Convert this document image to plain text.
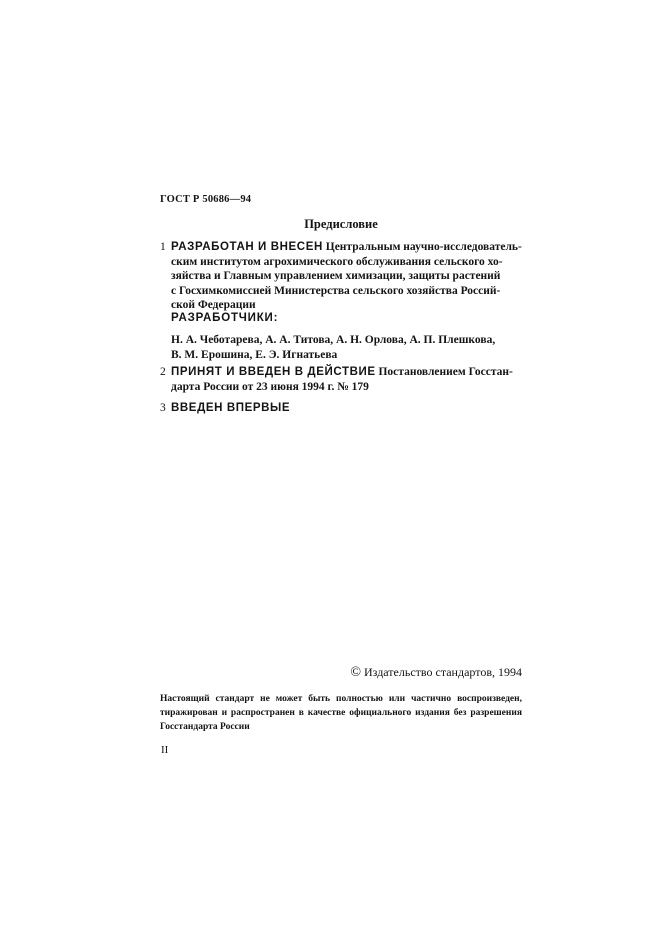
ГОСТ Р 50686—94
Предисловие
1 РАЗРАБОТАН И ВНЕСЕН Центральным научно-исследователь-
ским институтом агрохимического обслуживания сельского хо-
зяйства и Главным управлением химизации, защиты растений
с Госхимкомиссией Министерства сельского хозяйства Россий-
ской Федерации
РАЗРАБОТЧИКИ:
Н. А. Чеботарева, А. А. Титова, А. Н. Орлова, А. П. Плешкова,
В. М. Ерошина, Е. Э. Игнатьева
2 ПРИНЯТ И ВВЕДЕН В ДЕЙСТВИЕ Постановлением Госстан-
дарта России от 23 июня 1994 г. № 179
3 ВВЕДЕН ВПЕРВЫЕ
© Издательство стандартов, 1994
Настоящий стандарт не может быть полностью или частично воспроизведен, тиражирован и распространен в качестве официального издания без разрешения Госстандарта России
II
